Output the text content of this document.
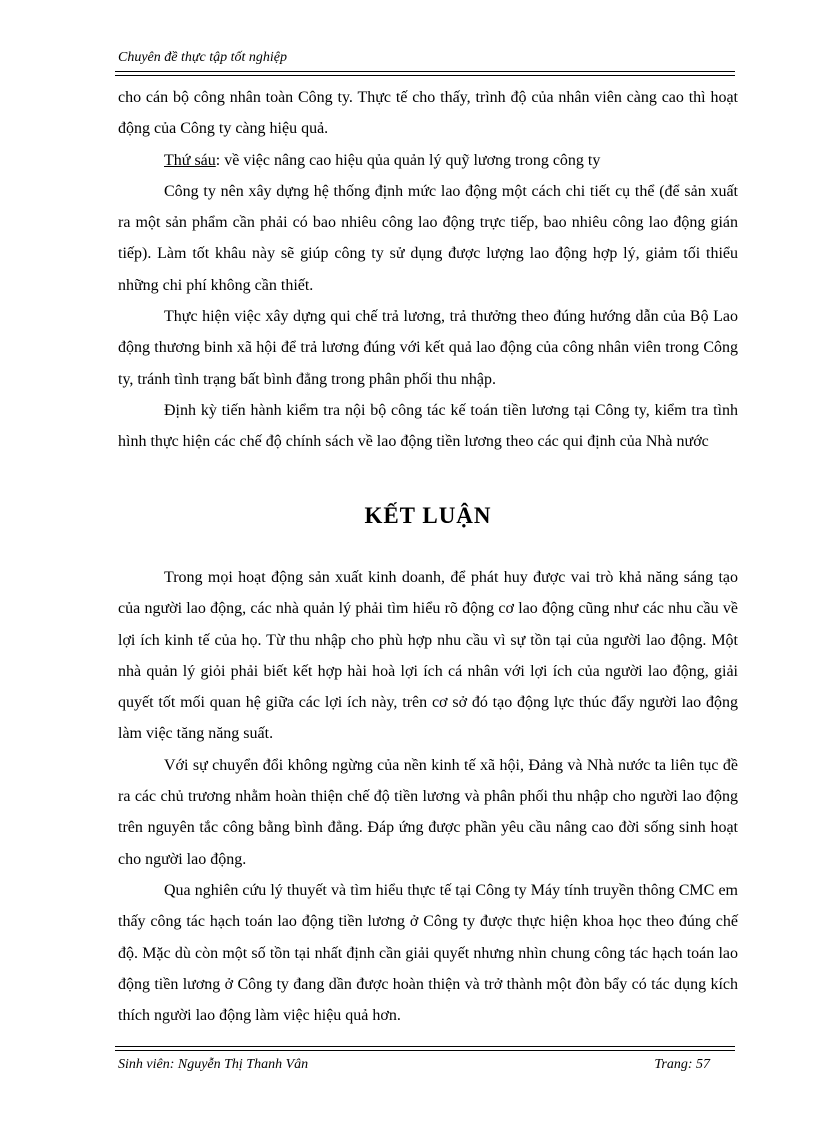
Chuyên đề thực tập tốt nghiệp

cho cán bộ công nhân toàn Công ty. Thực tế cho thấy, trình độ của nhân viên càng cao thì hoạt động của Công ty càng hiệu quả.

Thứ sáu: về việc nâng cao hiệu qủa quản lý quỹ lương trong công ty

Công ty nên xây dựng hệ thống định mức lao động một cách chi tiết cụ thể (để sản xuất ra một sản phẩm cần phải có bao nhiêu công lao động trực tiếp, bao nhiêu công lao động gián tiếp). Làm tốt khâu này sẽ giúp công ty sử dụng được lượng lao động hợp lý, giảm tối thiểu những chi phí không cần thiết.

Thực hiện việc xây dựng qui chế trả lương, trả thưởng theo đúng hướng dẫn của Bộ Lao động thương binh xã hội để trả lương đúng với kết quả lao động của công nhân viên trong Công ty, tránh tình trạng bất bình đẳng trong phân phối thu nhập.

Định kỳ tiến hành kiểm tra nội bộ công tác kế toán tiền lương tại Công ty, kiểm tra tình hình thực hiện các chế độ chính sách về lao động tiền lương theo các qui định của Nhà nước

KẾT LUẬN

Trong mọi hoạt động sản xuất kinh doanh, để phát huy được vai trò khả năng sáng tạo của người lao động, các nhà quản lý phải tìm hiểu rõ động cơ lao động cũng như các nhu cầu về lợi ích kinh tế của họ. Từ thu nhập cho phù hợp nhu cầu vì sự tồn tại của người lao động. Một nhà quản lý giỏi phải biết kết hợp hài hoà lợi ích cá nhân với lợi ích của người lao động, giải quyết tốt mối quan hệ giữa các lợi ích này, trên cơ sở đó tạo động lực thúc đẩy người lao động làm việc tăng năng suất.

Với sự chuyển đổi không ngừng của nền kinh tế xã hội, Đảng và Nhà nước ta liên tục đề ra các chủ trương nhằm hoàn thiện chế độ tiền lương và phân phối thu nhập cho người lao động trên nguyên tắc công bằng bình đẳng. Đáp ứng được phần yêu cầu nâng cao đời sống sinh hoạt cho người lao động.

Qua nghiên cứu lý thuyết và tìm hiểu thực tế tại Công ty Máy tính truyền thông CMC em thấy công tác hạch toán lao động tiền lương ở Công ty được thực hiện khoa học theo đúng chế độ. Mặc dù còn một số tồn tại nhất định cần giải quyết nhưng nhìn chung công tác hạch toán lao động tiền lương ở Công ty đang dần được hoàn thiện và trở thành một đòn bẩy có tác dụng kích thích người lao động làm việc hiệu quả hơn.

Sinh viên: Nguyễn Thị Thanh Vân	Trang: 57
